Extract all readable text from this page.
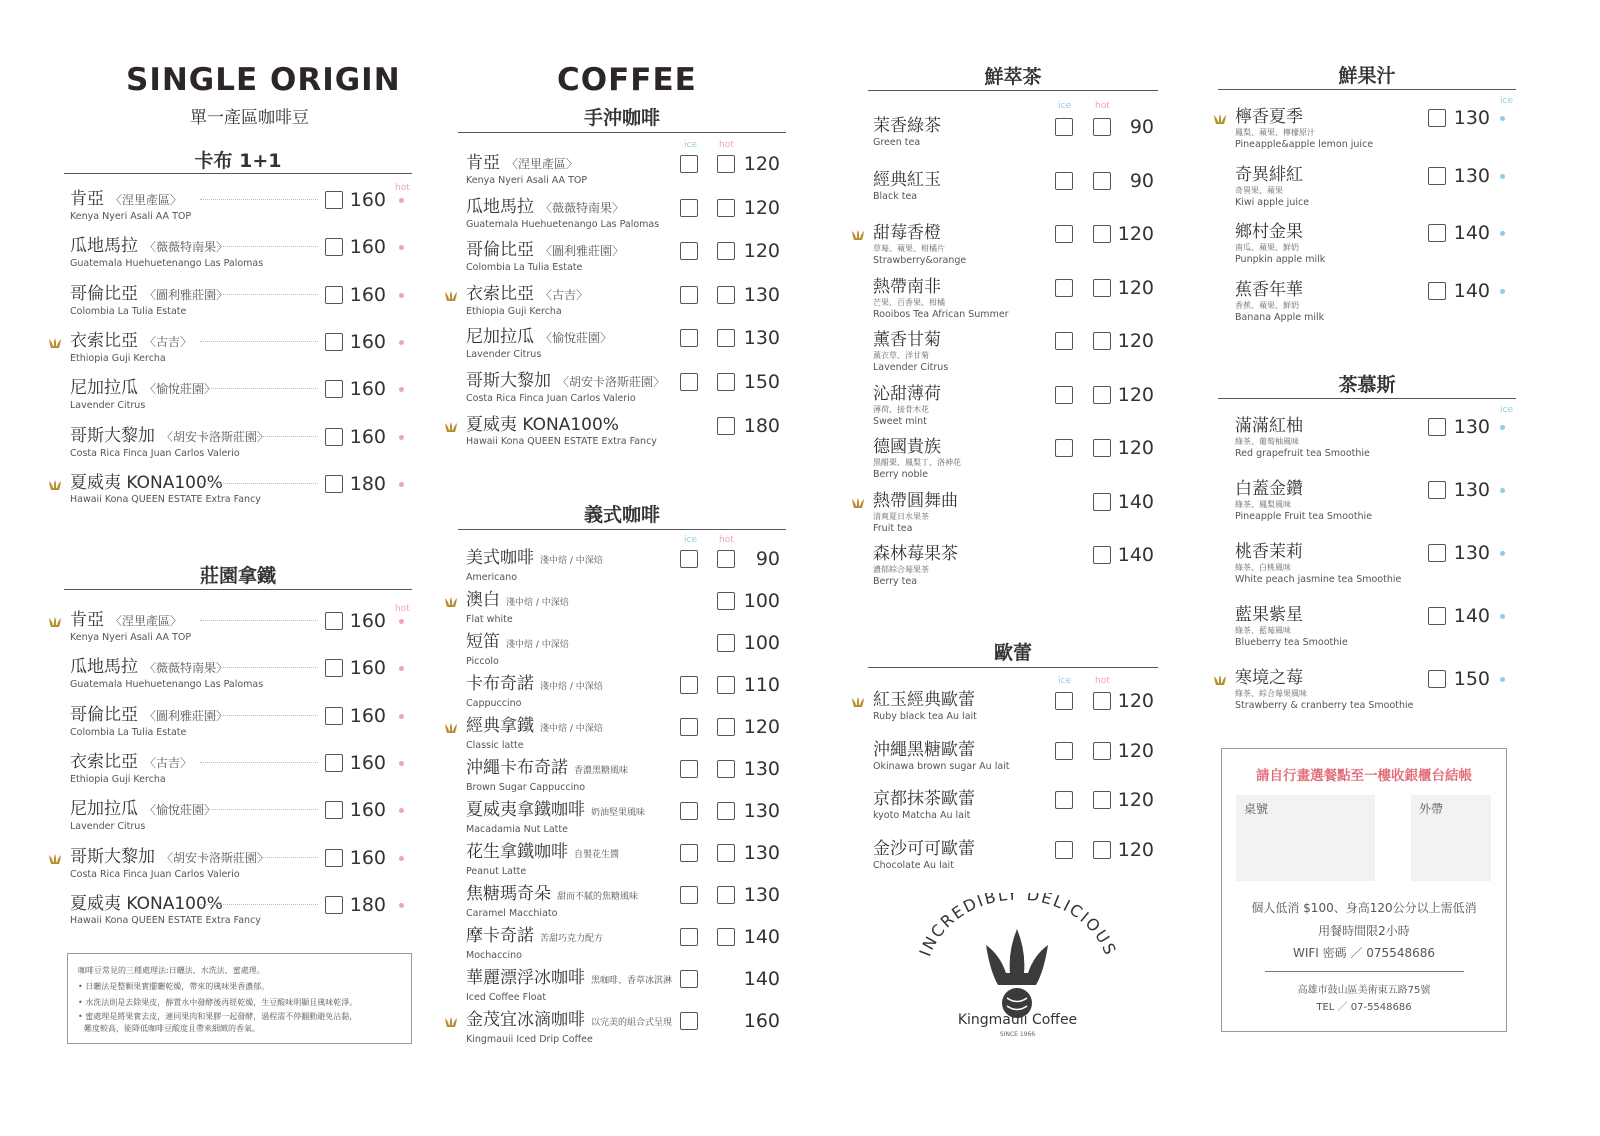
SINGLE ORIGIN
單一產區咖啡豆
卡布 1+1
hot
肯亞 〈涅里產區〉
Kenya Nyeri Asali AA TOP
160
瓜地馬拉 〈薇薇特南果〉
Guatemala Huehuetenango Las Palomas
160
哥倫比亞 〈圖利雅莊園〉
Colombia La Tulia Estate
160
衣索比亞 〈古吉〉
Ethiopia Guji Kercha
160
尼加拉瓜 〈愉悅莊園〉
Lavender Citrus
160
哥斯大黎加 〈胡安卡洛斯莊園〉
Costa Rica Finca Juan Carlos Valerio
160
夏威夷 KONA100%
Hawaii Kona QUEEN ESTATE Extra Fancy
180
莊園拿鐵
hot
肯亞 〈涅里產區〉
Kenya Nyeri Asali AA TOP
160
瓜地馬拉 〈薇薇特南果〉
Guatemala Huehuetenango Las Palomas
160
哥倫比亞 〈圖利雅莊園〉
Colombia La Tulia Estate
160
衣索比亞 〈古吉〉
Ethiopia Guji Kercha
160
尼加拉瓜 〈愉悅莊園〉
Lavender Citrus
160
哥斯大黎加 〈胡安卡洛斯莊園〉
Costa Rica Finca Juan Carlos Valerio
160
夏威夷 KONA100%
Hawaii Kona QUEEN ESTATE Extra Fancy
180
咖啡豆常見的三種處理法:日曬法、水洗法、蜜處理。
• 日曬法是整顆果實擺曬乾燥，帶來的風味果香濃郁。
• 水洗法則是去除果皮，靜置水中發酵後再經乾燥，生豆酸味明顯且風味乾淨。
• 蜜處理是將果實去皮，連同果肉和果膠一起發酵，過程需不停翻動避免沾黏，
難度較高，能降低咖啡豆酸度且帶來細緻的香氣。
COFFEE
手沖咖啡
ice hot
肯亞 〈涅里產區〉
Kenya Nyeri Asali AA TOP
120
瓜地馬拉 〈薇薇特南果〉
Guatemala Huehuetenango Las Palomas
120
哥倫比亞 〈圖利雅莊園〉
Colombia La Tulia Estate
120
衣索比亞 〈古吉〉
Ethiopia Guji Kercha
130
尼加拉瓜 〈愉悅莊園〉
Lavender Citrus
130
哥斯大黎加 〈胡安卡洛斯莊園〉
Costa Rica Finca Juan Carlos Valerio
150
夏威夷 KONA100%
Hawaii Kona QUEEN ESTATE Extra Fancy
180
義式咖啡
ice hot
美式咖啡 淺中焙 / 中深焙
Americano
90
澳白 淺中焙 / 中深焙
Flat white
100
短笛 淺中焙 / 中深焙
Piccolo
100
卡布奇諾 淺中焙 / 中深焙
Cappuccino
110
經典拿鐵 淺中焙 / 中深焙
Classic latte
120
沖繩卡布奇諾 香濃黑糖風味
Brown Sugar Cappuccino
130
夏威夷拿鐵咖啡 奶油堅果風味
Macadamia Nut Latte
130
花生拿鐵咖啡 自製花生醬
Peanut Latte
130
焦糖瑪奇朵 甜而不膩的焦糖風味
Caramel Macchiato
130
摩卡奇諾 苦甜巧克力配方
Mochaccino
140
華麗漂浮冰咖啡 黑咖啡、香草冰淇淋
Iced Coffee Float
140
金茂宜冰滴咖啡 以完美的組合式呈現
Kingmauii Iced Drip Coffee
160
鮮萃茶
ice	hot
茉香綠茶
Green tea
90
經典紅玉
Black tea
90
甜莓香橙
草莓、蘋果、柑橘片
Strawberry&orange
120
熱帶南非
芒果、百香果、柑橘
Rooibos Tea African Summer
120
薰香甘菊
薰衣草、洋甘菊
Lavender Citrus
120
沁甜薄荷
薄荷、接骨木花
Sweet mint
120
德國貴族
黑醋栗、鳳梨丁、洛神花
Berry noble
120
熱帶圓舞曲
清爽夏日水果茶
Fruit tea
140
森林莓果茶
濃郁綜合莓果茶
Berry tea
140
歐蕾
ice	hot
紅玉經典歐蕾
Ruby black tea Au lait
120
沖繩黑糖歐蕾
Okinawa brown sugar Au lait
120
京都抹茶歐蕾
kyoto Matcha Au lait
120
金沙可可歐蕾
Chocolate Au lait
120
INCREDIBLY DELICIOUS
Kingmauii Coffee
SINCE 1966
鮮果汁
ice
檸香夏季
鳳梨、蘋果、檸檬原汁
Pineapple&apple lemon juice
130
奇異緋紅
奇異果、蘋果
Kiwi apple juice
130
鄉村金果
南瓜、蘋果、鮮奶
Punpkin apple milk
140
蕉香年華
香蕉、蘋果、鮮奶
Banana Apple milk
140
茶慕斯
ice
滿滿紅柚
綠茶、葡萄柚風味
Red grapefruit tea Smoothie
130
白蓋金鑽
綠茶、鳳梨風味
Pineapple Fruit tea Smoothie
130
桃香茉莉
綠茶、白桃風味
White peach jasmine tea Smoothie
130
藍果紫星
綠茶、藍莓風味
Blueberry tea Smoothie
140
寒境之莓
綠茶、綜合莓果風味
Strawberry & cranberry tea Smoothie
150
請自行畫選餐點至一樓收銀櫃台結帳
桌號	外帶
個人低消 $100、身高120公分以上需低消
用餐時間限2小時
WIFI 密碼 ／ 075548686
高雄市鼓山區美術東五路75號
TEL ／ 07-5548686
